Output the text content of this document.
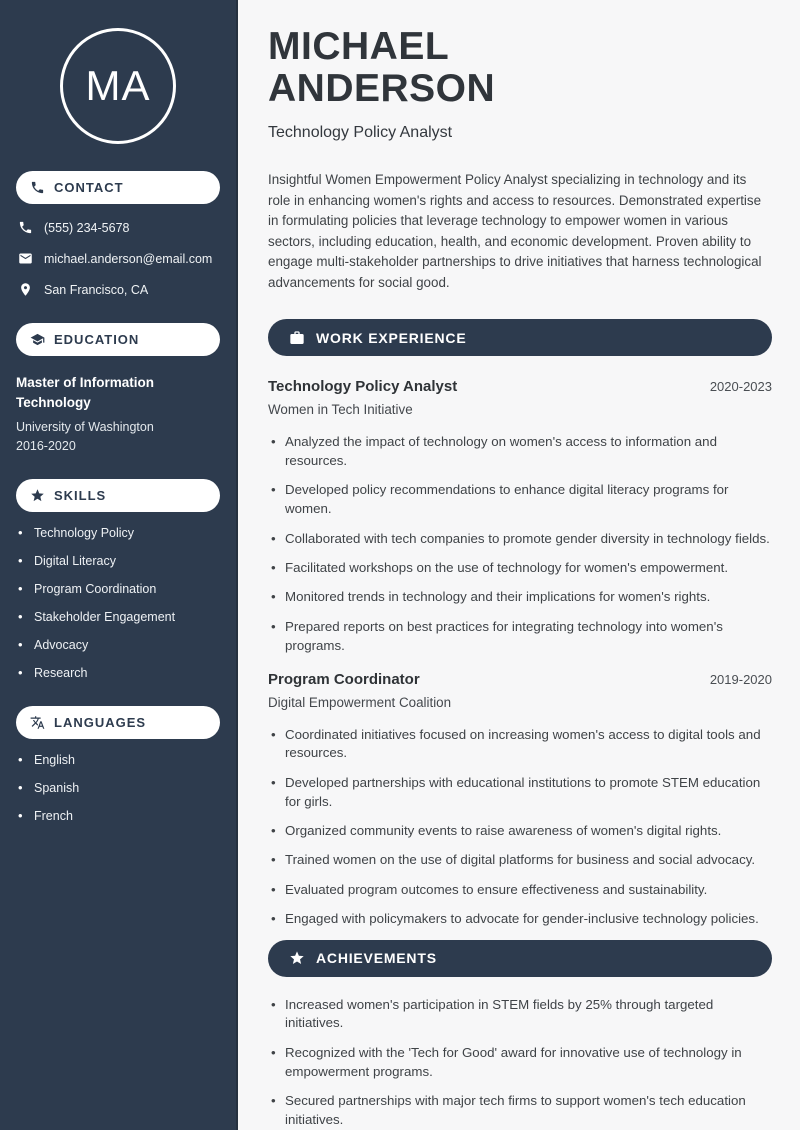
MA
CONTACT
(555) 234-5678
michael.anderson@email.com
San Francisco, CA
EDUCATION
Master of Information Technology
University of Washington
2016-2020
SKILLS
• Technology Policy
• Digital Literacy
• Program Coordination
• Stakeholder Engagement
• Advocacy
• Research
LANGUAGES
• English
• Spanish
• French
MICHAEL
ANDERSON
Technology Policy Analyst

Insightful Women Empowerment Policy Analyst specializing in technology and its role in enhancing women's rights and access to resources. Demonstrated expertise in formulating policies that leverage technology to empower women in various sectors, including education, health, and economic development. Proven ability to engage multi-stakeholder partnerships to drive initiatives that harness technological advancements for social good.

WORK EXPERIENCE
Technology Policy Analyst	2020-2023
Women in Tech Initiative
• Analyzed the impact of technology on women's access to information and resources.
• Developed policy recommendations to enhance digital literacy programs for women.
• Collaborated with tech companies to promote gender diversity in technology fields.
• Facilitated workshops on the use of technology for women's empowerment.
• Monitored trends in technology and their implications for women's rights.
• Prepared reports on best practices for integrating technology into women's programs.
Program Coordinator	2019-2020
Digital Empowerment Coalition
• Coordinated initiatives focused on increasing women's access to digital tools and resources.
• Developed partnerships with educational institutions to promote STEM education for girls.
• Organized community events to raise awareness of women's digital rights.
• Trained women on the use of digital platforms for business and social advocacy.
• Evaluated program outcomes to ensure effectiveness and sustainability.
• Engaged with policymakers to advocate for gender-inclusive technology policies.
ACHIEVEMENTS
• Increased women's participation in STEM fields by 25% through targeted initiatives.
• Recognized with the 'Tech for Good' award for innovative use of technology in empowerment programs.
• Secured partnerships with major tech firms to support women's tech education initiatives.
